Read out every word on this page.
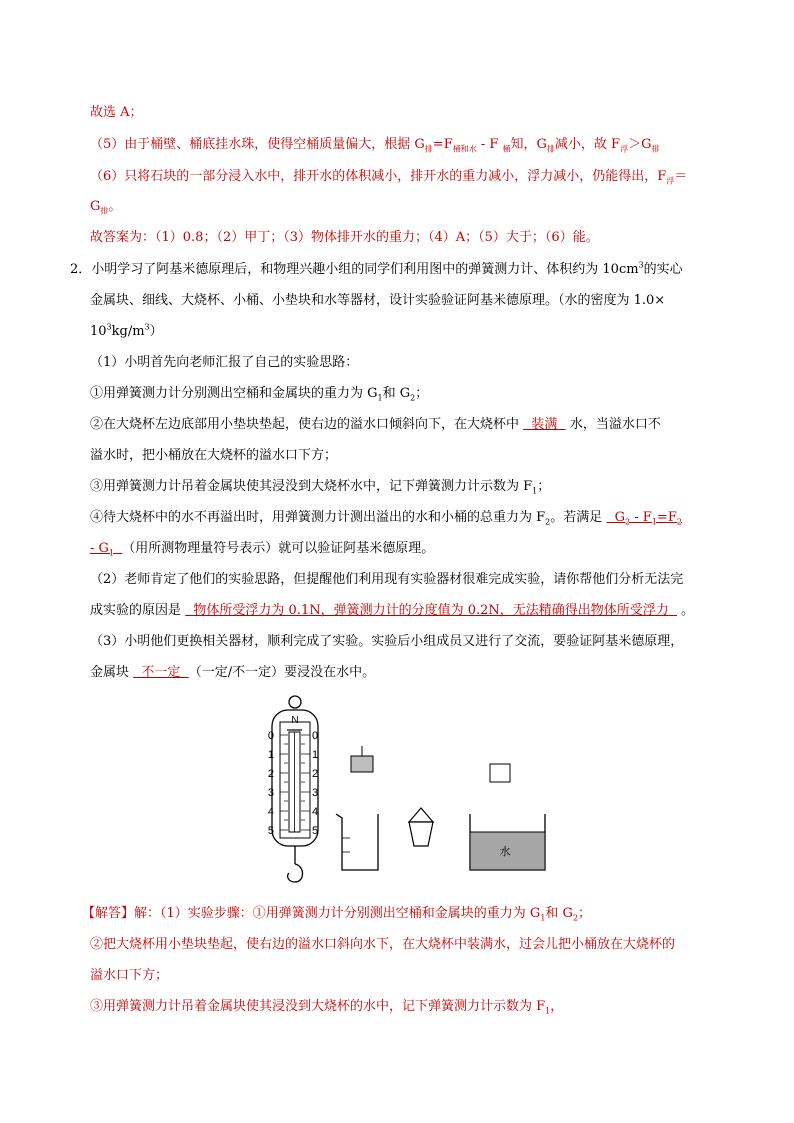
故选 A；
（5）由于桶壁、桶底挂水珠，使得空桶质量偏大，根据 $G_排=F_{桶和水} - F$ $_桶$知，$G_排$减小，故 $F_浮>G_排$
（6）只将石块的一部分浸入水中，排开水的体积减小，排开水的重力减小，浮力减小，仍能得出，$F_浮=$
$G_排$。
故答案为：（1）0.8；（2）甲丁；（3）物体排开水的重力；（4）A；（5）大于；（6）能。
2．小明学习了阿基米德原理后，和物理兴趣小组的同学们利用图中的弹簧测力计、体积约为 $10cm^3$的实心
金属块、细线、大烧杯、小桶、小垫块和水等器材，设计实验验证阿基米德原理。（水的密度为 1.0×
$10^3kg/m^3$）
（1）小明首先向老师汇报了自己的实验思路：
①用弹簧测力计分别测出空桶和金属块的重力为 $G_1$和 $G_2$；
②在大烧杯左边底部用小垫块垫起，使右边的溢水口倾斜向下，在大烧杯中   装满   水，当溢水口不
溢水时，把小桶放在大烧杯的溢水口下方；
③用弹簧测力计吊着金属块使其浸没到大烧杯水中，记下弹簧测力计示数为 $F_1$；
④待大烧杯中的水不再溢出时，用弹簧测力计测出溢出的水和小桶的总重力为 $F_2$。若满足   $G_2 - F_1=F_2$
- $G_1$ （用所测物理量符号表示）就可以验证阿基米德原理。
（2）老师肯定了他们的实验思路，但提醒他们利用现有实验器材很难完成实验，请你帮他们分析无法完
成实验的原因是   物体所受浮力为 0.1N，弹簧测力计的分度值为 0.2N，无法精确得出物体所受浮力   。
（3）小明他们更换相关器材，顺利完成了实验。实验后小组成员又进行了交流，要验证阿基米德原理，
金属块   不一定 （一定/不一定）要浸没在水中。
N
0
1
2
3
4
5
0
1
2
3
4
5
水
【解答】解：（1）实验步骤：①用弹簧测力计分别测出空桶和金属块的重力为 $G_1$和 $G_2$；
②把大烧杯用小垫块垫起，使右边的溢水口斜向水下，在大烧杯中装满水，过会儿把小桶放在大烧杯的
溢水口下方；
③用弹簧测力计吊着金属块使其浸没到大烧杯的水中，记下弹簧测力计示数为 $F_1$，
